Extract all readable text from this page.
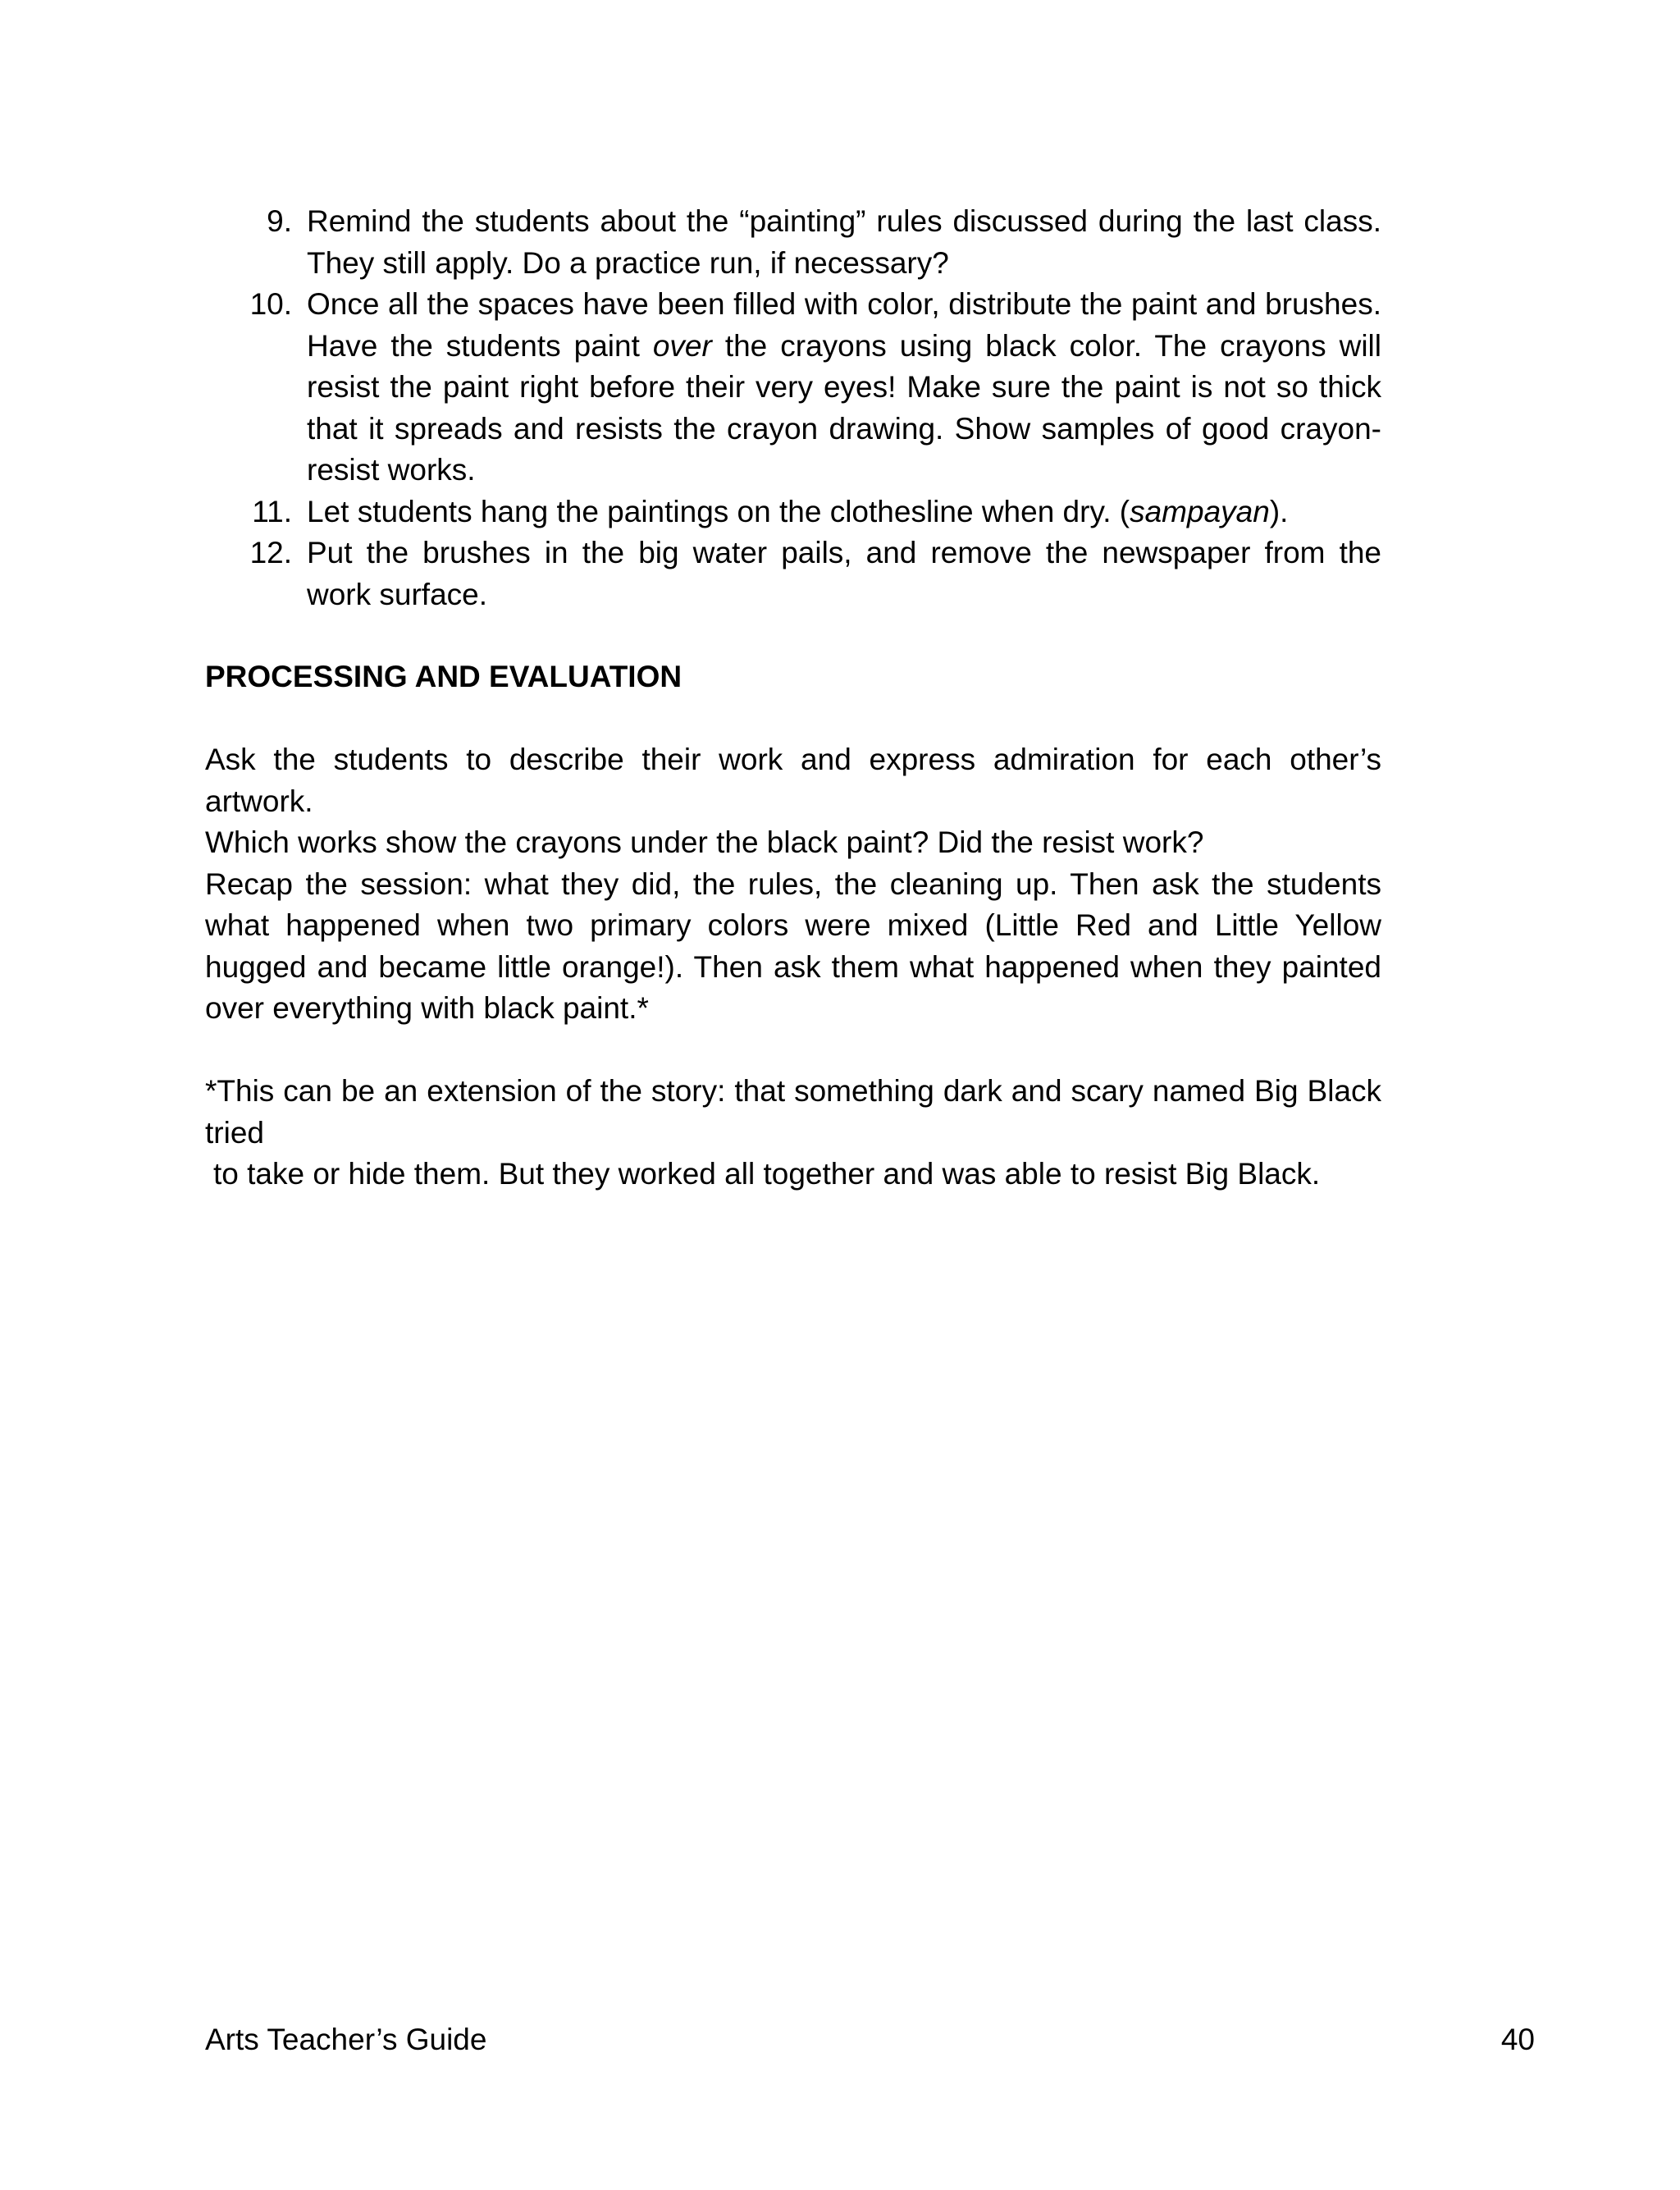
9. Remind the students about the “painting” rules discussed during the last class. They still apply. Do a practice run, if necessary?
10. Once all the spaces have been filled with color, distribute the paint and brushes. Have the students paint over the crayons using black color. The crayons will resist the paint right before their very eyes! Make sure the paint is not so thick that it spreads and resists the crayon drawing. Show samples of good crayon-resist works.
11. Let students hang the paintings on the clothesline when dry. (sampayan).
12. Put the brushes in the big water pails, and remove the newspaper from the work surface.
PROCESSING AND EVALUATION
Ask the students to describe their work and express admiration for each other’s artwork.
Which works show the crayons under the black paint? Did the resist work?
Recap the session: what they did, the rules, the cleaning up. Then ask the students what happened when two primary colors were mixed (Little Red and Little Yellow hugged and became little orange!). Then ask them what happened when they painted over everything with black paint.*
*This can be an extension of the story: that something dark and scary named Big Black tried
to take or hide them. But they worked all together and was able to resist Big Black.
Arts Teacher’s Guide	40
